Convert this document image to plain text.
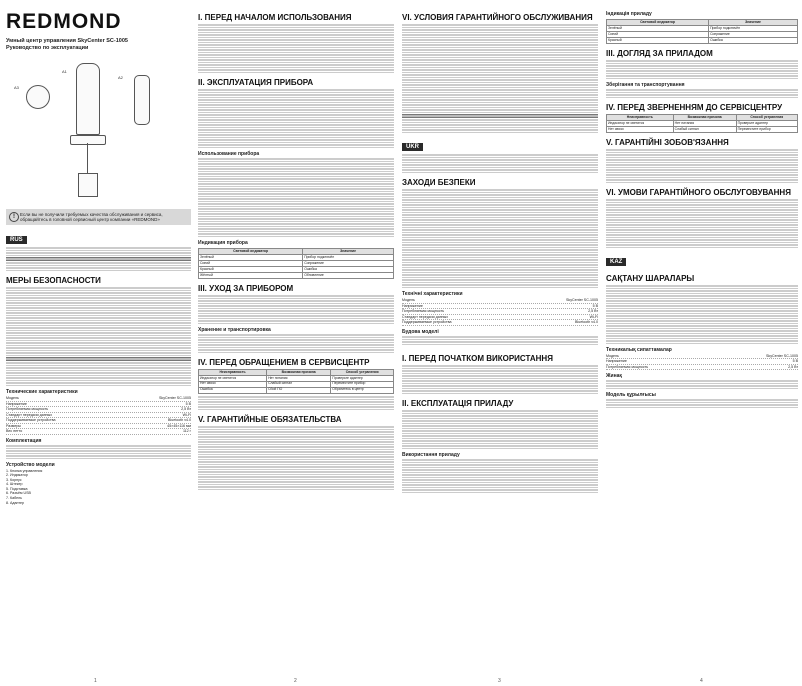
REDMOND
Умный центр управления SkyCenter SC-1005
Руководство по эксплуатации
A1
A2
A3
!	Если вы не получили требуемых качества обслуживания и сервиса, обращайтесь в головной сервисный центр компании «REDMOND»
RUS
МЕРЫ БЕЗОПАСНОСТИ
Технические характеристики
Модель	SkyCenter SC-1005
Напряжение	5 В
Потребляемая мощность	2,5 Вт
Стандарт передачи данных	Wi-Fi
Поддерживаемые устройства	Bluetooth v4.0
Размеры	45×45×116 мм
Вес нетто	112 г
Комплектация
Устройство модели
1. Кнопка управления
2. Индикатор
3. Корпус
4. Штекер
5. Подставка
6. Разъём USB
7. Кабель
8. Адаптер
I. ПЕРЕД НАЧАЛОМ ИСПОЛЬЗОВАНИЯ
II. ЭКСПЛУАТАЦИЯ ПРИБОРА
Использование прибора
Индикация прибора
Световой индикатор	Значение
Зелёный	Прибор подключён
Синий	Сопряжение
Красный	Ошибка
Жёлтый	Обновление
III. УХОД ЗА ПРИБОРОМ
Хранение и транспортировка
IV. ПЕРЕД ОБРАЩЕНИЕМ В СЕРВИСЦЕНТР
Неисправность	Возможная причина	Способ устранения
Индикатор не светится	Нет питания	Проверьте адаптер
Нет связи	Слабый сигнал	Переместите прибор
Ошибка	Сбой ПО	Обратитесь в центр
V. ГАРАНТИЙНЫЕ ОБЯЗАТЕЛЬСТВА
VI. УСЛОВИЯ ГАРАНТИЙНОГО ОБСЛУЖИВАНИЯ
UKR
ЗАХОДИ БЕЗПЕКИ
Технічні характеристики
Модель	SkyCenter SC-1005
Напряжение	5 В
Потребляемая мощность	2,5 Вт
Стандарт передачи данных	Wi-Fi
Поддерживаемые устройства	Bluetooth v4.0
Будова моделі
І. ПЕРЕД ПОЧАТКОМ ВИКОРИСТАННЯ
ІІ. ЕКСПЛУАТАЦІЯ ПРИЛАДУ
Використання приладу
Індикація приладу
Световой индикатор	Значение
Зелёный	Прибор подключён
Синий	Сопряжение
Красный	Ошибка
ІІІ. ДОГЛЯД ЗА ПРИЛАДОМ
Зберігання та транспортування
IV. ПЕРЕД ЗВЕРНЕННЯМ ДО СЕРВІСЦЕНТРУ
Неисправность	Возможная причина	Способ устранения
Индикатор не светится	Нет питания	Проверьте адаптер
Нет связи	Слабый сигнал	Переместите прибор
V. ГАРАНТІЙНІ ЗОБОВ'ЯЗАННЯ
VI. УМОВИ ГАРАНТІЙНОГО ОБСЛУГОВУВАННЯ
KAZ
САҚТАНУ ШАРАЛАРЫ
Техникалық сипаттамалар
Модель	SkyCenter SC-1005
Напряжение	5 В
Потребляемая мощность	2,5 Вт
Жинақ
Модель құрылғысы
1	2	3	4
